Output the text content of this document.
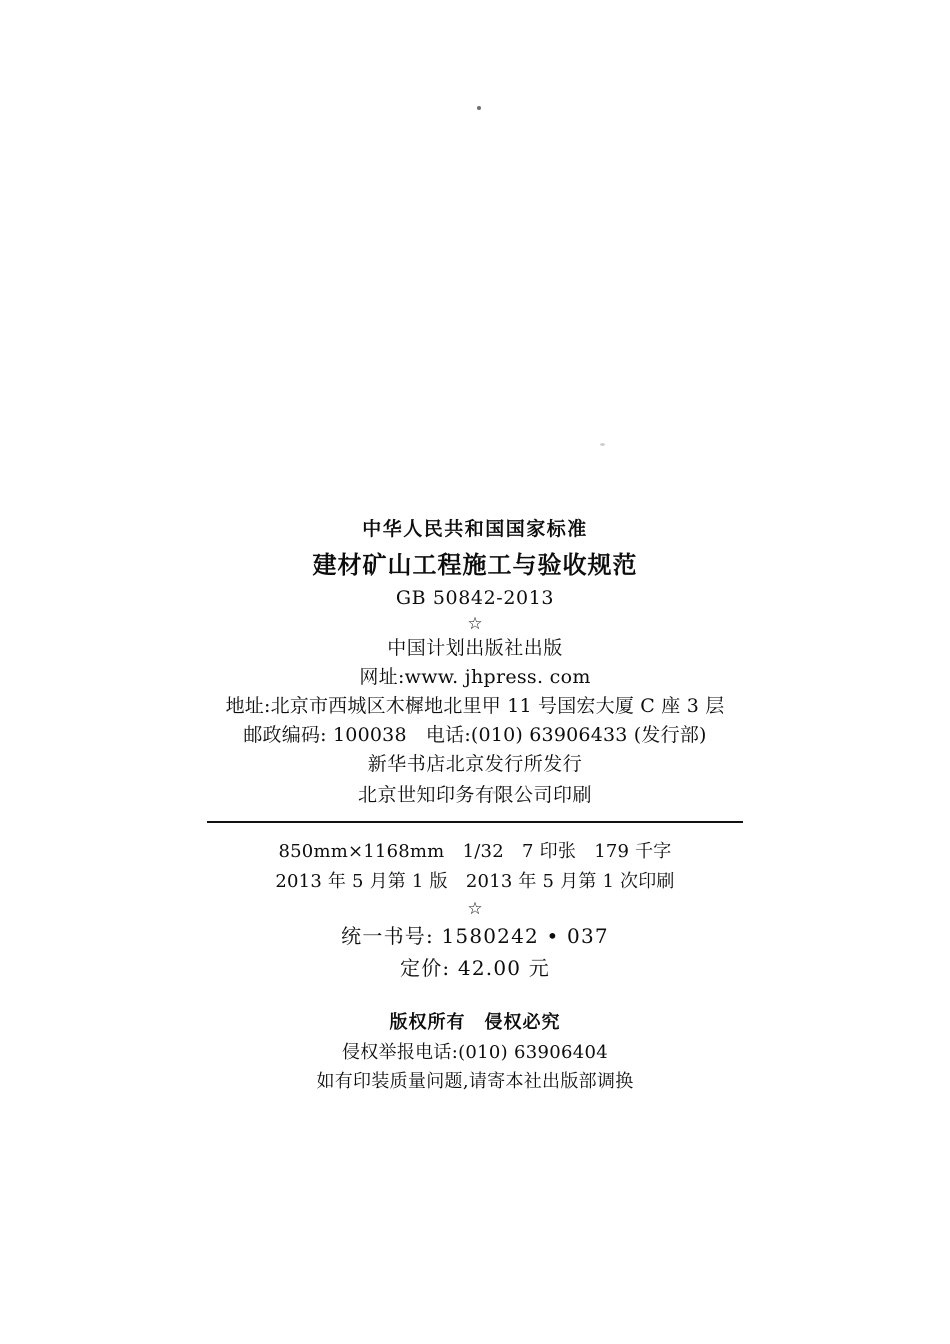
中华人民共和国国家标准
建材矿山工程施工与验收规范
GB 50842-2013
☆
中国计划出版社出版
网址:www. jhpress. com
地址:北京市西城区木樨地北里甲 11 号国宏大厦 C 座 3 层
邮政编码: 100038　电话:(010) 63906433 (发行部)
新华书店北京发行所发行
北京世知印务有限公司印刷
850mm×1168mm　1/32　7 印张　179 千字
2013 年 5 月第 1 版　2013 年 5 月第 1 次印刷
☆
统一书号: 1580242 • 037
定价: 42.00 元
版权所有　侵权必究
侵权举报电话:(010) 63906404
如有印装质量问题,请寄本社出版部调换
